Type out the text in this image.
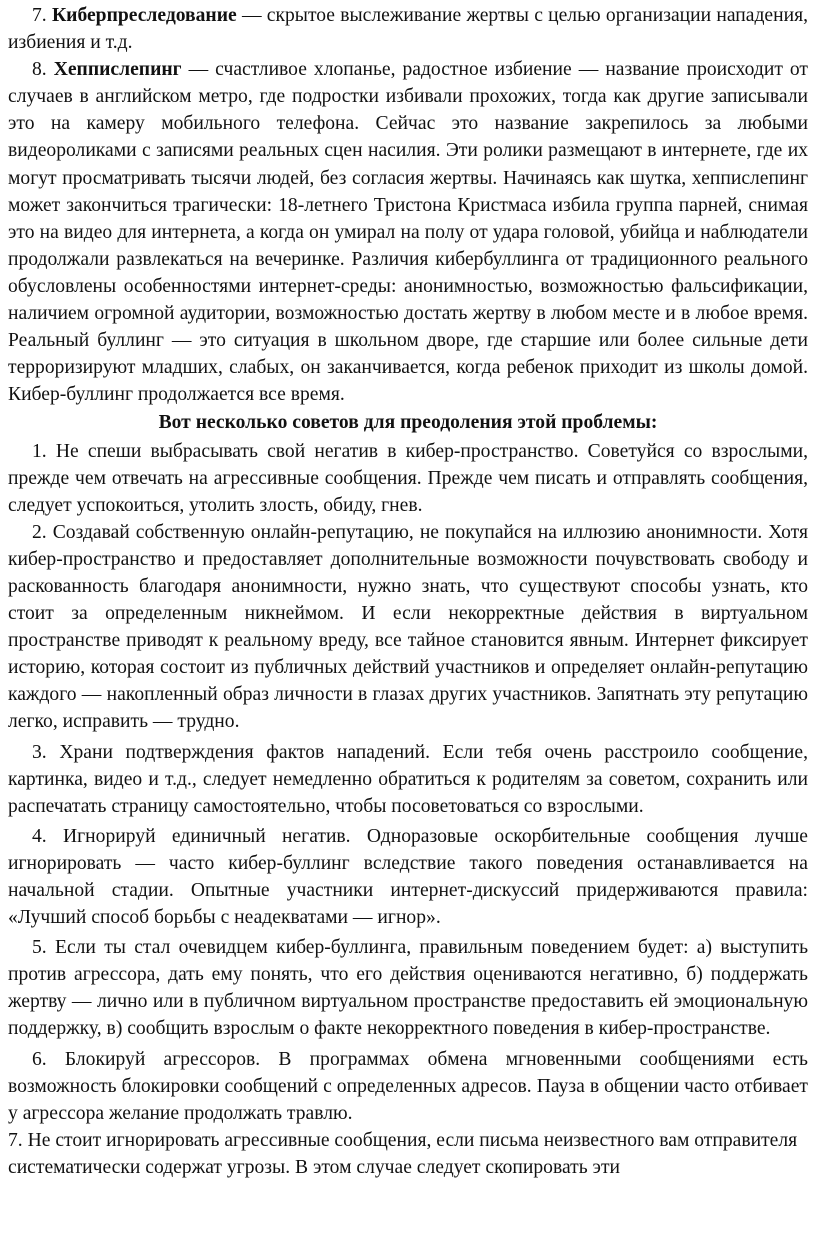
7. Киберпреследование — скрытое выслеживание жертвы с целью организации нападения, избиения и т.д.

8. Хеппислепинг — счастливое хлопанье, радостное избиение — название происходит от случаев в английском метро, где подростки избивали прохожих, тогда как другие записывали это на камеру мобильного телефона. Сейчас это название закрепилось за любыми видеороликами с записями реальных сцен насилия. Эти ролики размещают в интернете, где их могут просматривать тысячи людей, без согласия жертвы. Начинаясь как шутка, хеппислепинг может закончиться трагически: 18-летнего Тристона Кристмаса избила группа парней, снимая это на видео для интернета, а когда он умирал на полу от удара головой, убийца и наблюдатели продолжали развлекаться на вечеринке. Различия кибербуллинга от традиционного реального обусловлены особенностями интернет-среды: анонимностью, возможностью фальсификации, наличием огромной аудитории, возможностью достать жертву в любом месте и в любое время. Реальный буллинг — это ситуация в школьном дворе, где старшие или более сильные дети терроризируют младших, слабых, он заканчивается, когда ребенок приходит из школы домой. Кибер-буллинг продолжается все время.

Вот несколько советов для преодоления этой проблемы:

1. Не спеши выбрасывать свой негатив в кибер-пространство. Советуйся со взрослыми, прежде чем отвечать на агрессивные сообщения. Прежде чем писать и отправлять сообщения, следует успокоиться, утолить злость, обиду, гнев.

2. Создавай собственную онлайн-репутацию, не покупайся на иллюзию анонимности. Хотя кибер-пространство и предоставляет дополнительные возможности почувствовать свободу и раскованность благодаря анонимности, нужно знать, что существуют способы узнать, кто стоит за определенным никнеймом. И если некорректные действия в виртуальном пространстве приводят к реальному вреду, все тайное становится явным. Интернет фиксирует историю, которая состоит из публичных действий участников и определяет онлайн-репутацию каждого — накопленный образ личности в глазах других участников. Запятнать эту репутацию легко, исправить — трудно.

3. Храни подтверждения фактов нападений. Если тебя очень расстроило сообщение, картинка, видео и т.д., следует немедленно обратиться к родителям за советом, сохранить или распечатать страницу самостоятельно, чтобы посоветоваться со взрослыми.

4. Игнорируй единичный негатив. Одноразовые оскорбительные сообщения лучше игнорировать — часто кибер-буллинг вследствие такого поведения останавливается на начальной стадии. Опытные участники интернет-дискуссий придерживаются правила: «Лучший способ борьбы с неадекватами — игнор».

5. Если ты стал очевидцем кибер-буллинга, правильным поведением будет: а) выступить против агрессора, дать ему понять, что его действия оцениваются негативно, б) поддержать жертву — лично или в публичном виртуальном пространстве предоставить ей эмоциональную поддержку, в) сообщить взрослым о факте некорректного поведения в кибер-пространстве.

6. Блокируй агрессоров. В программах обмена мгновенными сообщениями есть возможность блокировки сообщений с определенных адресов. Пауза в общении часто отбивает у агрессора желание продолжать травлю.

7. Не стоит игнорировать агрессивные сообщения, если письма неизвестного вам отправителя систематически содержат угрозы. В этом случае следует скопировать эти
